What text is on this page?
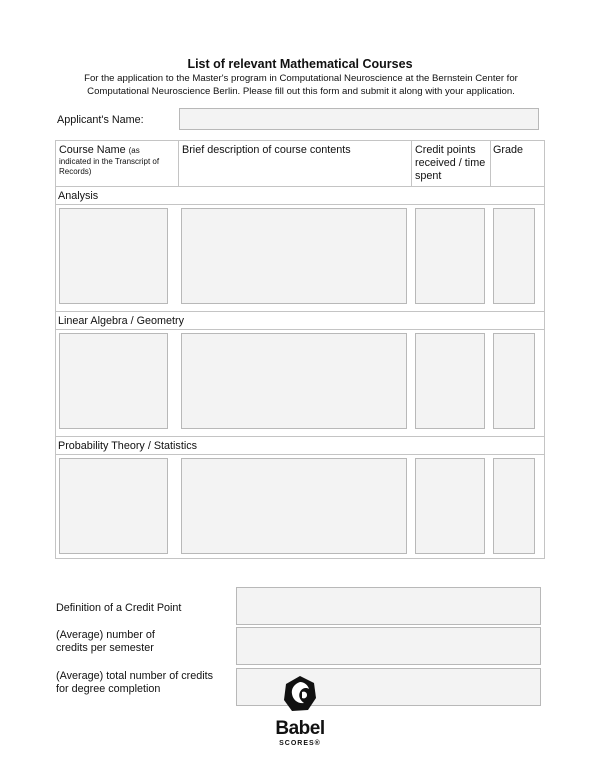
List of relevant Mathematical Courses
For the application to the Master's program in Computational Neuroscience at the Bernstein Center for Computational Neuroscience Berlin. Please fill out this form and submit it along with your application.
Applicant's Name:
Course Name (as
indicated in the Transcript of Records)
Brief description of course contents	Credit points received / time spent
Grade
Analysis
Linear Algebra / Geometry
Probability Theory / Statistics
Definition of a Credit Point
(Average) number of credits per semester
(Average) total number of credits for degree completion
Babel
SCORES®
